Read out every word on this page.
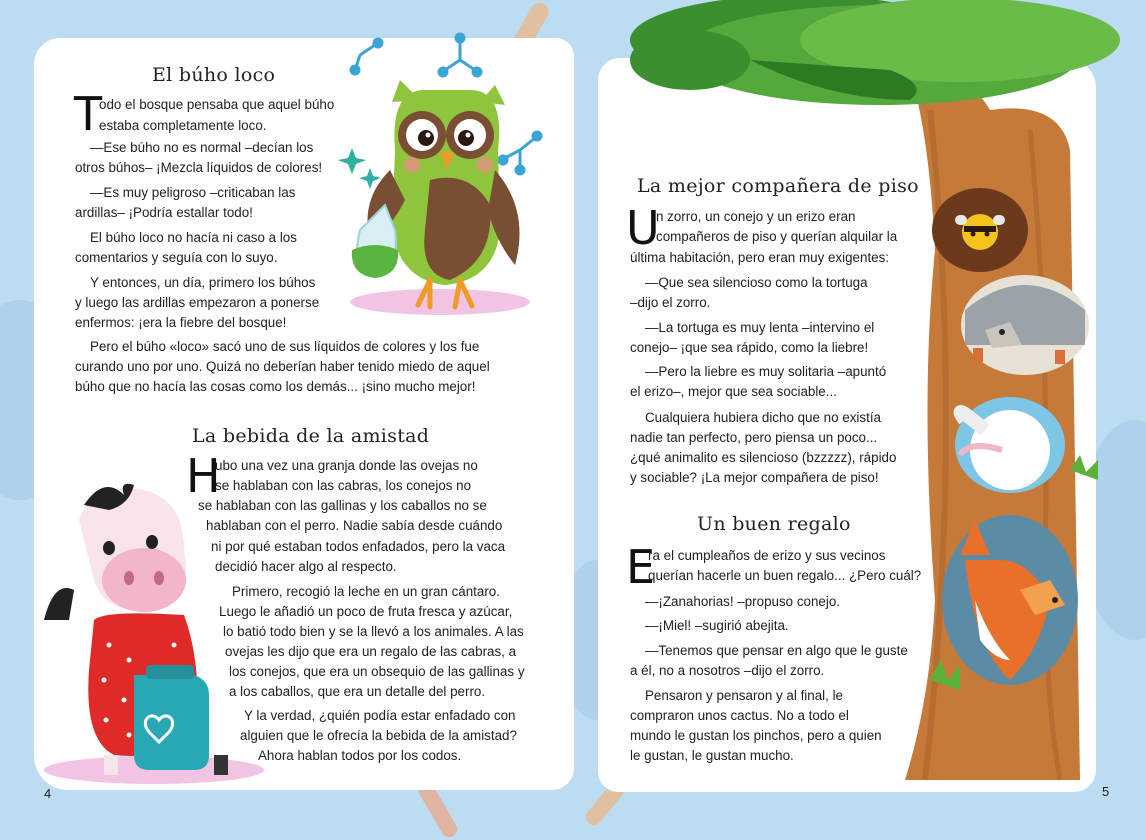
El búho loco
T
odo el bosque pensaba que aquel búho
estaba completamente loco.
—Ese búho no es normal –decían los
otros búhos– ¡Mezcla líquidos de colores!
—Es muy peligroso –criticaban las
ardillas– ¡Podría estallar todo!
El búho loco no hacía ni caso a los
comentarios y seguía con lo suyo.
Y entonces, un día, primero los búhos
y luego las ardillas empezaron a ponerse
enfermos: ¡era la fiebre del bosque!
Pero el búho «loco» sacó uno de sus líquidos de colores y los fue
curando uno por uno. Quizá no deberían haber tenido miedo de aquel
búho que no hacía las cosas como los demás... ¡sino mucho mejor!
La bebida de la amistad
H
ubo una vez una granja donde las ovejas no
se hablaban con las cabras, los conejos no
se hablaban con las gallinas y los caballos no se
hablaban con el perro. Nadie sabía desde cuándo
ni por qué estaban todos enfadados, pero la vaca
decidió hacer algo al respecto.
Primero, recogió la leche en un gran cántaro.
Luego le añadió un poco de fruta fresca y azúcar,
lo batió todo bien y se la llevó a los animales. A las
ovejas les dijo que era un regalo de las cabras, a
los conejos, que era un obsequio de las gallinas y
a los caballos, que era un detalle del perro.
Y la verdad, ¿quién podía estar enfadado con
alguien que le ofrecía la bebida de la amistad?
Ahora hablan todos por los codos.
4
La mejor compañera de piso
U
n zorro, un conejo y un erizo eran
compañeros de piso y querían alquilar la
última habitación, pero eran muy exigentes:
—Que sea silencioso como la tortuga
–dijo el zorro.
—La tortuga es muy lenta –intervino el
conejo– ¡que sea rápido, como la liebre!
—Pero la liebre es muy solitaria –apuntó
el erizo–, mejor que sea sociable...
Cualquiera hubiera dicho que no existía
nadie tan perfecto, pero piensa un poco...
¿qué animalito es silencioso (bzzzzz), rápido
y sociable? ¡La mejor compañera de piso!
Un buen regalo
E
ra el cumpleaños de erizo y sus vecinos
querían hacerle un buen regalo... ¿Pero cuál?
—¡Zanahorias! –propuso conejo.
—¡Miel! –sugirió abejita.
—Tenemos que pensar en algo que le guste
a él, no a nosotros –dijo el zorro.
Pensaron y pensaron y al final, le
compraron unos cactus. No a todo el
mundo le gustan los pinchos, pero a quien
le gustan, le gustan mucho.
5
